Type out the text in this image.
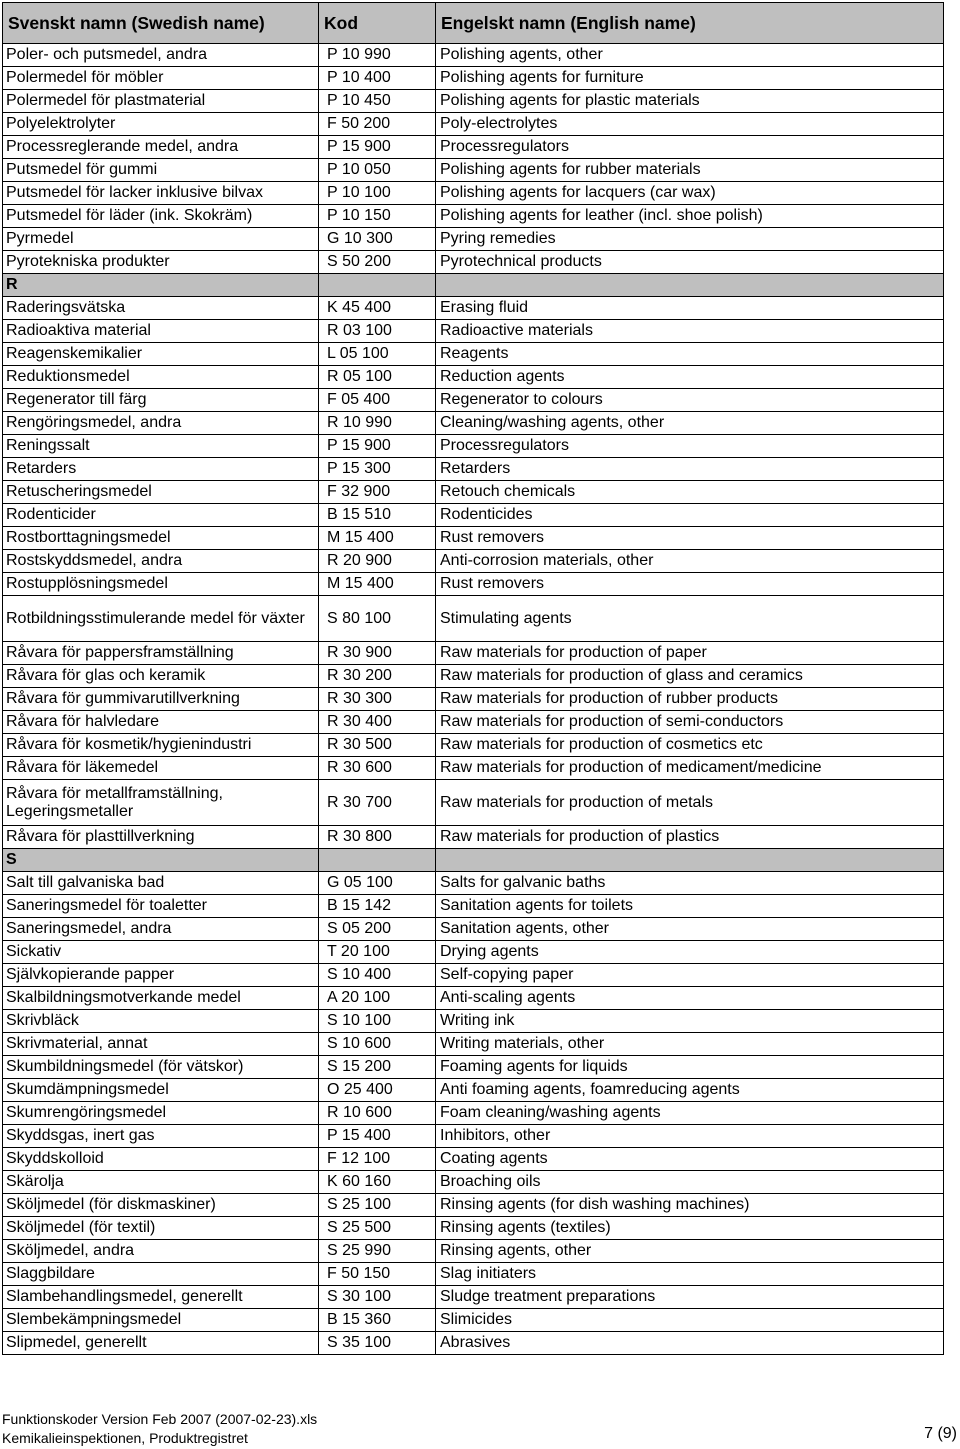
Svenskt namn (Swedish name)	Kod	Engelskt namn (English name)
Poler- och putsmedel, andra	P 10 990	Polishing agents, other
Polermedel för möbler	P 10 400	Polishing agents for furniture
Polermedel för plastmaterial	P 10 450	Polishing agents for plastic materials
Polyelektrolyter	F 50 200	Poly-electrolytes
Processreglerande medel, andra	P 15 900	Processregulators
Putsmedel för gummi	P 10 050	Polishing agents for rubber materials
Putsmedel för lacker inklusive bilvax	P 10 100	Polishing agents for lacquers (car wax)
Putsmedel för läder (ink. Skokräm)	P 10 150	Polishing agents for leather (incl. shoe polish)
Pyrmedel	G 10 300	Pyring remedies
Pyrotekniska produkter	S 50 200	Pyrotechnical products
R		
Raderingsvätska	K 45 400	Erasing fluid
Radioaktiva material	R 03 100	Radioactive materials
Reagenskemikalier	L 05 100	Reagents
Reduktionsmedel	R 05 100	Reduction agents
Regenerator till färg	F 05 400	Regenerator to colours
Rengöringsmedel, andra	R 10 990	Cleaning/washing agents, other
Reningssalt	P 15 900	Processregulators
Retarders	P 15 300	Retarders
Retuscheringsmedel	F 32 900	Retouch chemicals
Rodenticider	B 15 510	Rodenticides
Rostborttagningsmedel	M 15 400	Rust removers
Rostskyddsmedel, andra	R 20 900	Anti-corrosion materials, other
Rostupplösningsmedel	M 15 400	Rust removers
Rotbildningsstimulerande medel för växter	S 80 100	Stimulating agents
Råvara för pappersframställning	R 30 900	Raw materials for production of paper
Råvara för glas och keramik	R 30 200	Raw materials for production of glass and ceramics
Råvara för gummivarutillverkning	R 30 300	Raw materials for production of rubber products
Råvara för halvledare	R 30 400	Raw materials for production of semi-conductors
Råvara för kosmetik/hygienindustri	R 30 500	Raw materials for production of cosmetics etc
Råvara för läkemedel	R 30 600	Raw materials for production of medicament/medicine
Råvara för metallframställning, Legeringsmetaller	R 30 700	Raw materials for production of metals
Råvara för plasttillverkning	R 30 800	Raw materials for production of plastics
S		
Salt till galvaniska bad	G 05 100	Salts for galvanic baths
Saneringsmedel för toaletter	B 15 142	Sanitation agents for toilets
Saneringsmedel, andra	S 05 200	Sanitation agents, other
Sickativ	T 20 100	Drying agents
Självkopierande papper	S 10 400	Self-copying paper
Skalbildningsmotverkande medel	A 20 100	Anti-scaling agents
Skrivbläck	S 10 100	Writing ink
Skrivmaterial, annat	S 10 600	Writing materials, other
Skumbildningsmedel (för vätskor)	S 15 200	Foaming agents for liquids
Skumdämpningsmedel	O 25 400	Anti foaming agents, foamreducing agents
Skumrengöringsmedel	R 10 600	Foam cleaning/washing agents
Skyddsgas, inert gas	P 15 400	Inhibitors, other
Skyddskolloid	F 12 100	Coating agents
Skärolja	K 60 160	Broaching oils
Sköljmedel (för diskmaskiner)	S 25 100	Rinsing agents (for dish washing machines)
Sköljmedel (för textil)	S 25 500	Rinsing agents (textiles)
Sköljmedel, andra	S 25 990	Rinsing agents, other
Slaggbildare	F 50 150	Slag initiaters
Slambehandlingsmedel, generellt	S 30 100	Sludge treatment preparations
Slembekämpningsmedel	B 15 360	Slimicides
Slipmedel, generellt	S 35 100	Abrasives
Funktionskoder Version Feb 2007 (2007-02-23).xls
Kemikalieinspektionen, Produktregistret	7 (9)
